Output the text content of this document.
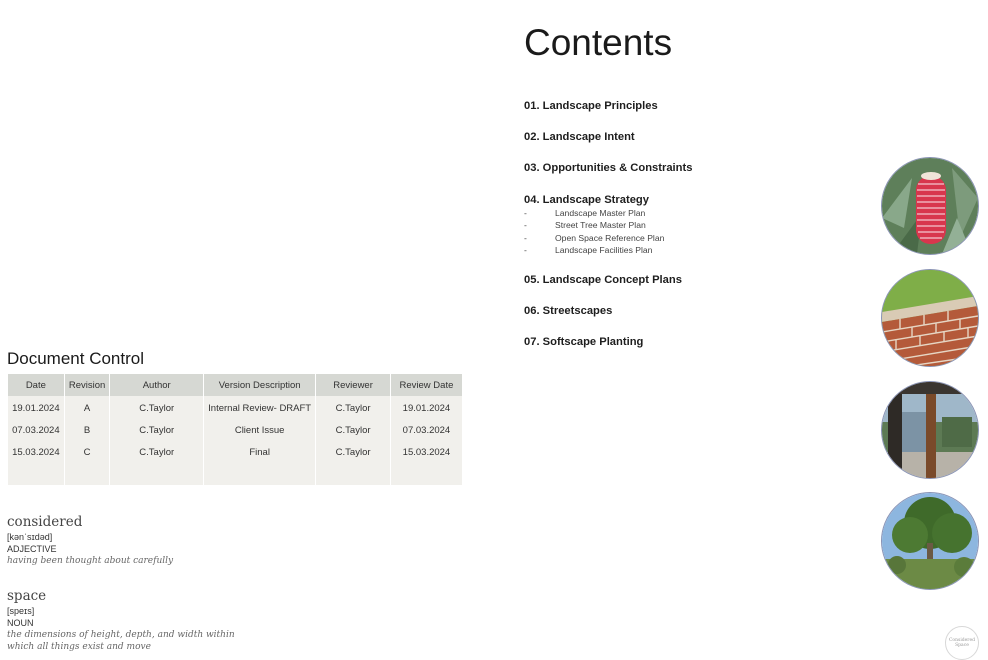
Document Control
Date	Revision	Author	Version Description	Reviewer	Review Date
19.01.2024	A	C.Taylor	Internal Review- DRAFT	C.Taylor	19.01.2024
07.03.2024	B	C.Taylor	Client Issue	C.Taylor	07.03.2024
15.03.2024	C	C.Taylor	Final	C.Taylor	15.03.2024

considered
[kənˈsɪdəd]
ADJECTIVE
having been thought about carefully
space
[speɪs]
NOUN
the dimensions of height, depth, and width within
which all things exist and move
Contents
01. Landscape Principles
02. Landscape Intent
03. Opportunities & Constraints
04. Landscape Strategy
-	Landscape Master Plan
-	Street Tree Master Plan
-	Open Space Reference Plan
-	Landscape Facilities Plan
05. Landscape Concept Plans
06. Streetscapes
07. Softscape Planting
Considered
Space
